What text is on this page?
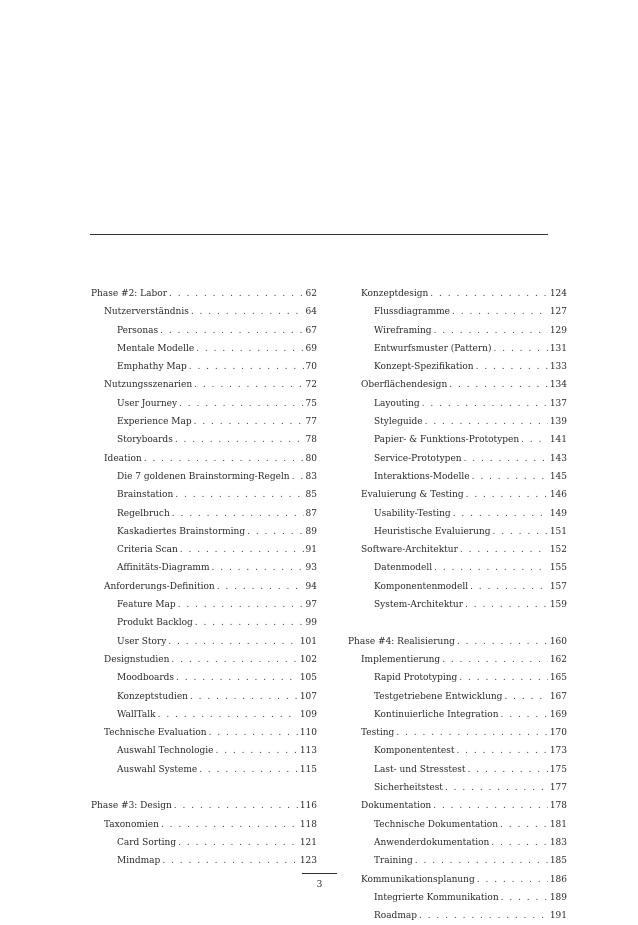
Phase #2: Labor . . .	62
Nutzerverständnis . . .	64
Personas . . .	67
Mentale Modelle . . .	69
Emphathy Map . . .	70
Nutzungsszenarien . . .	72
User Journey . . .	75
Experience Map . . .	77
Storyboards . . .	78
Ideation . . .	80
Die 7 goldenen Brainstorming-Regeln . . . 83
Brainstation . . .	85
Regelbruch . . .	87
Kaskadiertes Brainstorming . . .	89
Criteria Scan . . .	91
Affinitäts-Diagramm . . .	93
Anforderungs-Definition . . .	94
Feature Map . . .	97
Produkt Backlog . . .	99
User Story . . .	101
Designstudien . . .	102
Moodboards . . .	105
Konzeptstudien . . .	107
WallTalk . . .	109
Technische Evaluation . . .	110
Auswahl Technologie . . .	113
Auswahl Systeme . . .	115
Phase #3: Design . . .	116
Taxonomien . . .	118
Card Sorting . . .	121
Mindmap . . .	123
Konzeptdesign . . .	124
Flussdiagramme . . .	127
Wireframing . . .	129
Entwurfsmuster (Pattern) . . .	131
Konzept-Spezifikation . . .	133
Oberflächendesign . . .	134
Layouting . . .	137
Styleguide . . .	139
Papier- & Funktions-Prototypen . . .	141
Service-Prototypen . . .	143
Interaktions-Modelle . . .	145
Evaluierung & Testing . . .	146
Usability-Testing . . .	149
Heuristische Evaluierung . . .	151
Software-Architektur . . .	152
Datenmodell . . .	155
Komponentenmodell . . .	157
System-Architektur . . .	159
Phase #4: Realisierung . . .	160
Implementierung . . .	162
Rapid Prototyping . . .	165
Testgetriebene Entwicklung . . .	167
Kontinuierliche Integration . . .	169
Testing . . .	170
Komponententest . . .	173
Last- und Stresstest . . .	175
Sicherheitstest . . .	177
Dokumentation . . .	178
Technische Dokumentation . . .	181
Anwenderdokumentation . . .	183
Training . . .	185
Kommunikationsplanung . . .	186
Integrierte Kommunikation . . .	189
Roadmap . . .	191
3
